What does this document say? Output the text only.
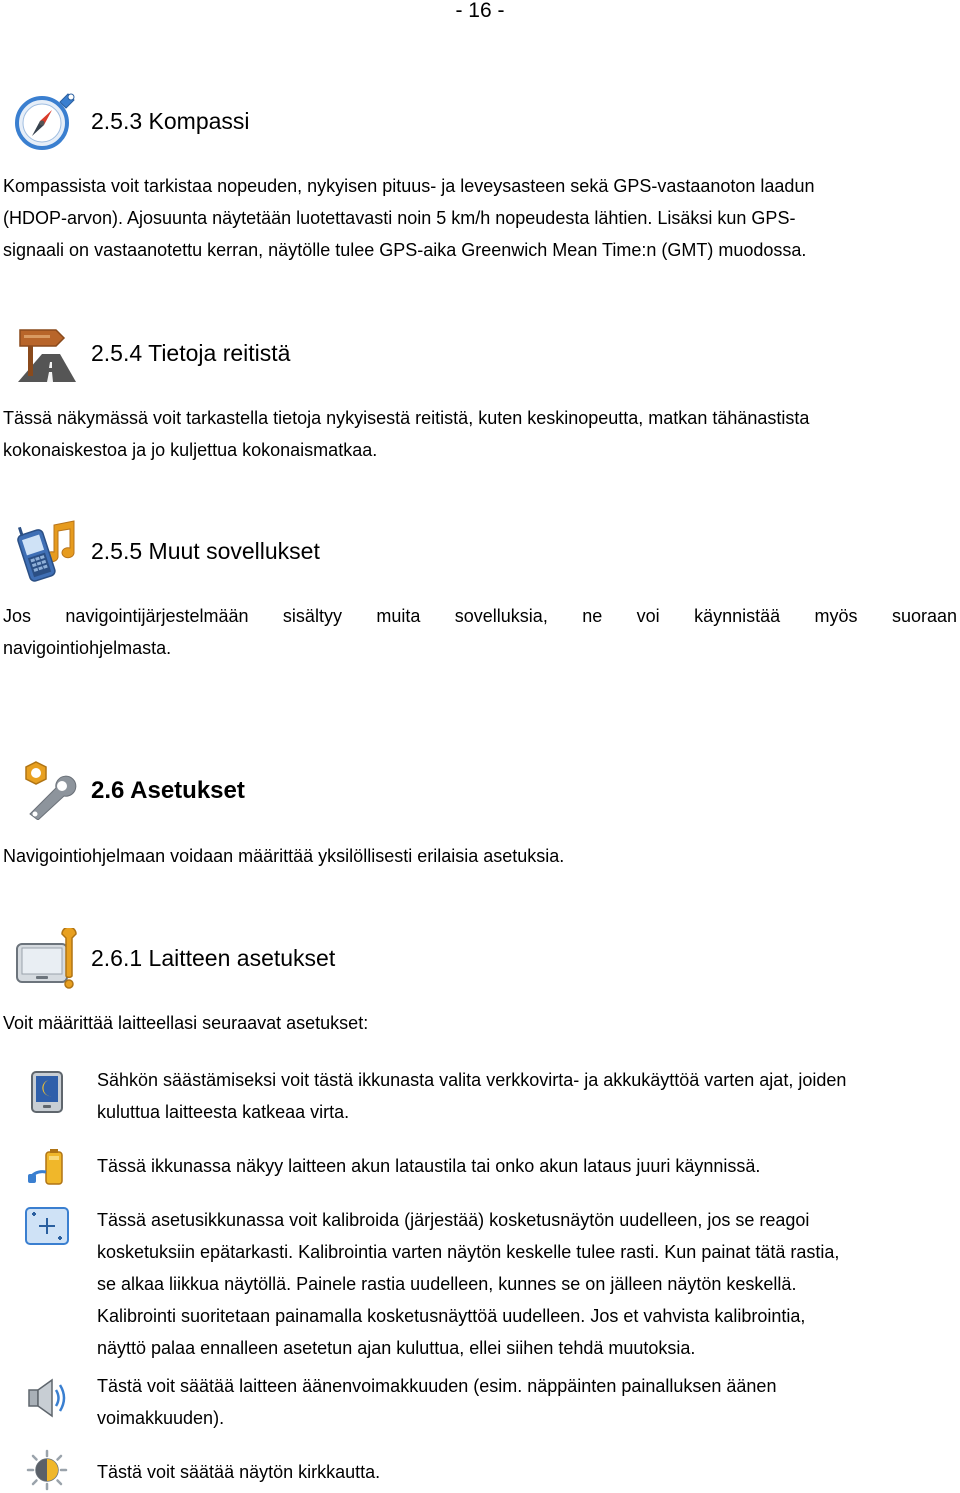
- 16 -
2.5.3 Kompassi
Kompassista voit tarkistaa nopeuden, nykyisen pituus- ja leveysasteen sekä GPS-vastaanoton laadun
(HDOP-arvon). Ajosuunta näytetään luotettavasti noin 5 km/h nopeudesta lähtien. Lisäksi kun GPS-
signaali on vastaanotettu kerran, näytölle tulee GPS-aika Greenwich Mean Time:n (GMT) muodossa.
2.5.4 Tietoja reitistä
Tässä näkymässä voit tarkastella tietoja nykyisestä reitistä, kuten keskinopeutta, matkan tähänastista
kokonaiskestoa ja jo kuljettua kokonaismatkaa.
2.5.5 Muut sovellukset
Jos navigointijärjestelmään sisältyy muita sovelluksia, ne voi käynnistää myös suoraan
navigointiohjelmasta.
2.6 Asetukset
Navigointiohjelmaan voidaan määrittää yksilöllisesti erilaisia asetuksia.
2.6.1 Laitteen asetukset
Voit määrittää laitteellasi seuraavat asetukset:
Sähkön säästämiseksi voit tästä ikkunasta valita verkkovirta- ja akkukäyttöä varten ajat, joiden
kuluttua laitteesta katkeaa virta.
Tässä ikkunassa näkyy laitteen akun lataustila tai onko akun lataus juuri käynnissä.
Tässä asetusikkunassa voit kalibroida (järjestää) kosketusnäytön uudelleen, jos se reagoi
kosketuksiin epätarkasti. Kalibrointia varten näytön keskelle tulee rasti. Kun painat tätä rastia,
se alkaa liikkua näytöllä. Painele rastia uudelleen, kunnes se on jälleen näytön keskellä.
Kalibrointi suoritetaan painamalla kosketusnäyttöä uudelleen. Jos et vahvista kalibrointia,
näyttö palaa ennalleen asetetun ajan kuluttua, ellei siihen tehdä muutoksia.
Tästä voit säätää laitteen äänenvoimakkuuden (esim. näppäinten painalluksen äänen
voimakkuuden).
Tästä voit säätää näytön kirkkautta.
